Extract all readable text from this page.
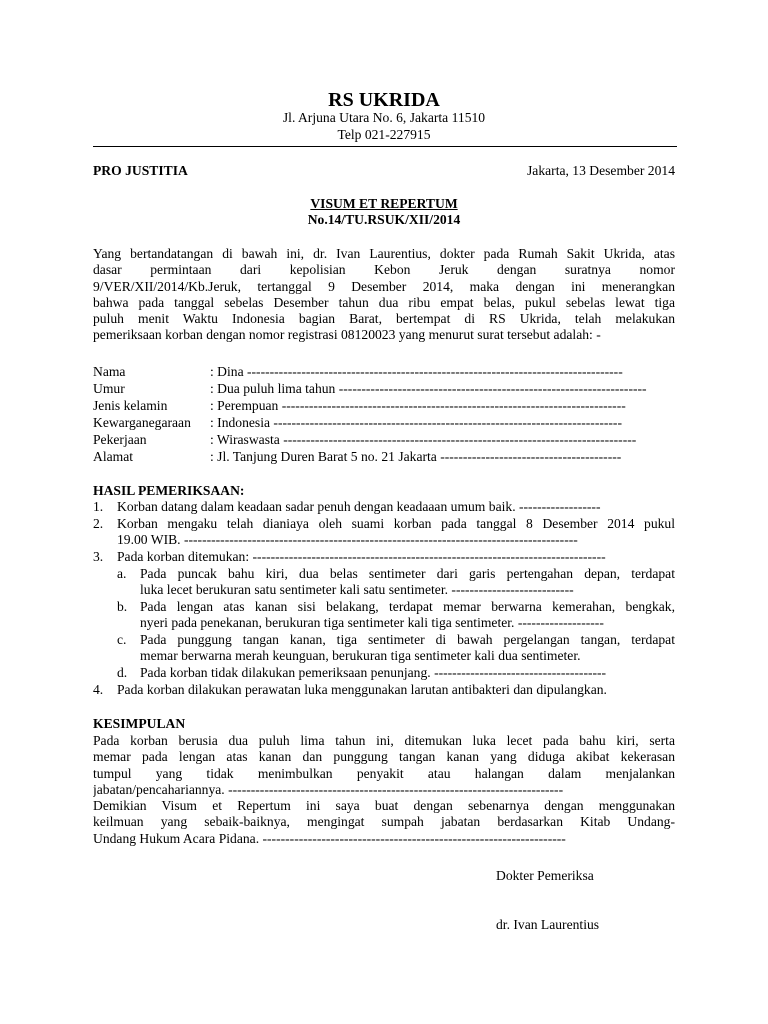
RS UKRIDA
Jl. Arjuna Utara No. 6, Jakarta 11510
Telp 021-227915
PRO JUSTITIA	Jakarta, 13 Desember 2014
VISUM ET REPERTUM
No.14/TU.RSUK/XII/2014
Yang bertandatangan di bawah ini, dr. Ivan Laurentius, dokter pada Rumah Sakit Ukrida, atas
dasar permintaan dari kepolisian Kebon Jeruk dengan suratnya nomor
9/VER/XII/2014/Kb.Jeruk, tertanggal 9 Desember 2014, maka dengan ini menerangkan
bahwa pada tanggal sebelas Desember tahun dua ribu empat belas, pukul sebelas lewat tiga
puluh menit Waktu Indonesia bagian Barat, bertempat di RS Ukrida, telah melakukan
pemeriksaan korban dengan nomor registrasi 08120023 yang menurut surat tersebut adalah: -
Nama	: Dina -----------------------------------------------------------------------------------
Umur	: Dua puluh lima tahun --------------------------------------------------------------------
Jenis kelamin	: Perempuan ----------------------------------------------------------------------------
Kewarganegaraan : Indonesia -----------------------------------------------------------------------------
Pekerjaan	: Wiraswasta ------------------------------------------------------------------------------
Alamat	: Jl. Tanjung Duren Barat 5 no. 21 Jakarta ----------------------------------------
HASIL PEMERIKSAAN:
1. Korban datang dalam keadaan sadar penuh dengan keadaaan umum baik. ------------------
2. Korban mengaku telah dianiaya oleh suami korban pada tanggal 8 Desember 2014 pukul
19.00 WIB. ---------------------------------------------------------------------------------------
3. Pada korban ditemukan: ------------------------------------------------------------------------------
a. Pada puncak bahu kiri, dua belas sentimeter dari garis pertengahan depan, terdapat
luka lecet berukuran satu sentimeter kali satu sentimeter. ---------------------------
b. Pada lengan atas kanan sisi belakang, terdapat memar berwarna kemerahan, bengkak,
nyeri pada penekanan, berukuran tiga sentimeter kali tiga sentimeter. -------------------
c. Pada punggung tangan kanan, tiga sentimeter di bawah pergelangan tangan, terdapat
memar berwarna merah keunguan, berukuran tiga sentimeter kali dua sentimeter.
d. Pada korban tidak dilakukan pemeriksaan penunjang. --------------------------------------
4. Pada korban dilakukan perawatan luka menggunakan larutan antibakteri dan dipulangkan.
KESIMPULAN
Pada korban berusia dua puluh lima tahun ini, ditemukan luka lecet pada bahu kiri, serta
memar pada lengan atas kanan dan punggung tangan kanan yang diduga akibat kekerasan
tumpul yang tidak menimbulkan penyakit atau halangan dalam menjalankan
jabatan/pencahariannya. --------------------------------------------------------------------------
Demikian Visum et Repertum ini saya buat dengan sebenarnya dengan menggunakan
keilmuan yang sebaik-baiknya, mengingat sumpah jabatan berdasarkan Kitab Undang-
Undang Hukum Acara Pidana. -------------------------------------------------------------------
Dokter Pemeriksa
dr. Ivan Laurentius
